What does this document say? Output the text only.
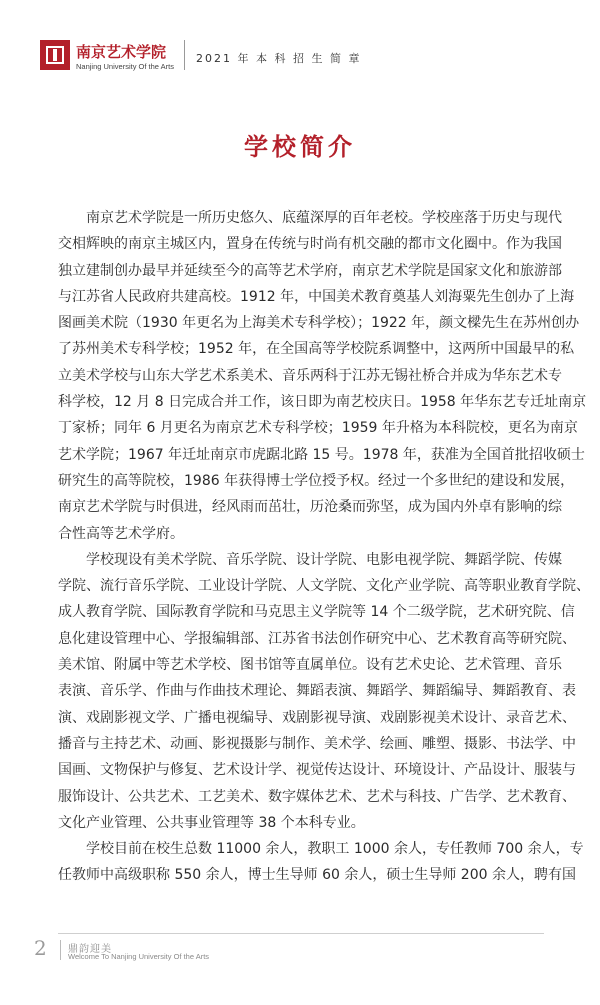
南京艺术学院
Nanjing University Of the Arts
2021 年 本 科 招 生 简 章
学校简介

南京艺术学院是一所历史悠久、底蕴深厚的百年老校。学校座落于历史与现代
交相辉映的南京主城区内，置身在传统与时尚有机交融的都市文化圈中。作为我国
独立建制创办最早并延续至今的高等艺术学府，南京艺术学院是国家文化和旅游部
与江苏省人民政府共建高校。1912 年，中国美术教育奠基人刘海粟先生创办了上海
图画美术院（1930 年更名为上海美术专科学校）；1922 年，颜文樑先生在苏州创办
了苏州美术专科学校；1952 年，在全国高等学校院系调整中，这两所中国最早的私
立美术学校与山东大学艺术系美术、音乐两科于江苏无锡社桥合并成为华东艺术专
科学校，12 月 8 日完成合并工作，该日即为南艺校庆日。1958 年华东艺专迁址南京
丁家桥；同年 6 月更名为南京艺术专科学校；1959 年升格为本科院校，更名为南京
艺术学院；1967 年迁址南京市虎踞北路 15 号。1978 年，获准为全国首批招收硕士
研究生的高等院校，1986 年获得博士学位授予权。经过一个多世纪的建设和发展，
南京艺术学院与时俱进，经风雨而茁壮，历沧桑而弥坚，成为国内外卓有影响的综
合性高等艺术学府。

学校现设有美术学院、音乐学院、设计学院、电影电视学院、舞蹈学院、传媒
学院、流行音乐学院、工业设计学院、人文学院、文化产业学院、高等职业教育学院、
成人教育学院、国际教育学院和马克思主义学院等 14 个二级学院，艺术研究院、信
息化建设管理中心、学报编辑部、江苏省书法创作研究中心、艺术教育高等研究院、
美术馆、附属中等艺术学校、图书馆等直属单位。设有艺术史论、艺术管理、音乐
表演、音乐学、作曲与作曲技术理论、舞蹈表演、舞蹈学、舞蹈编导、舞蹈教育、表
演、戏剧影视文学、广播电视编导、戏剧影视导演、戏剧影视美术设计、录音艺术、
播音与主持艺术、动画、影视摄影与制作、美术学、绘画、雕塑、摄影、书法学、中
国画、文物保护与修复、艺术设计学、视觉传达设计、环境设计、产品设计、服装与
服饰设计、公共艺术、工艺美术、数字媒体艺术、艺术与科技、广告学、艺术教育、
文化产业管理、公共事业管理等 38 个本科专业。

学校目前在校生总数 11000 余人，教职工 1000 余人，专任教师 700 余人，专
任教师中高级职称 550 余人，博士生导师 60 余人，硕士生导师 200 余人，聘有国

2 鼎韵迎美
Welcome To Nanjing University Of the Arts
